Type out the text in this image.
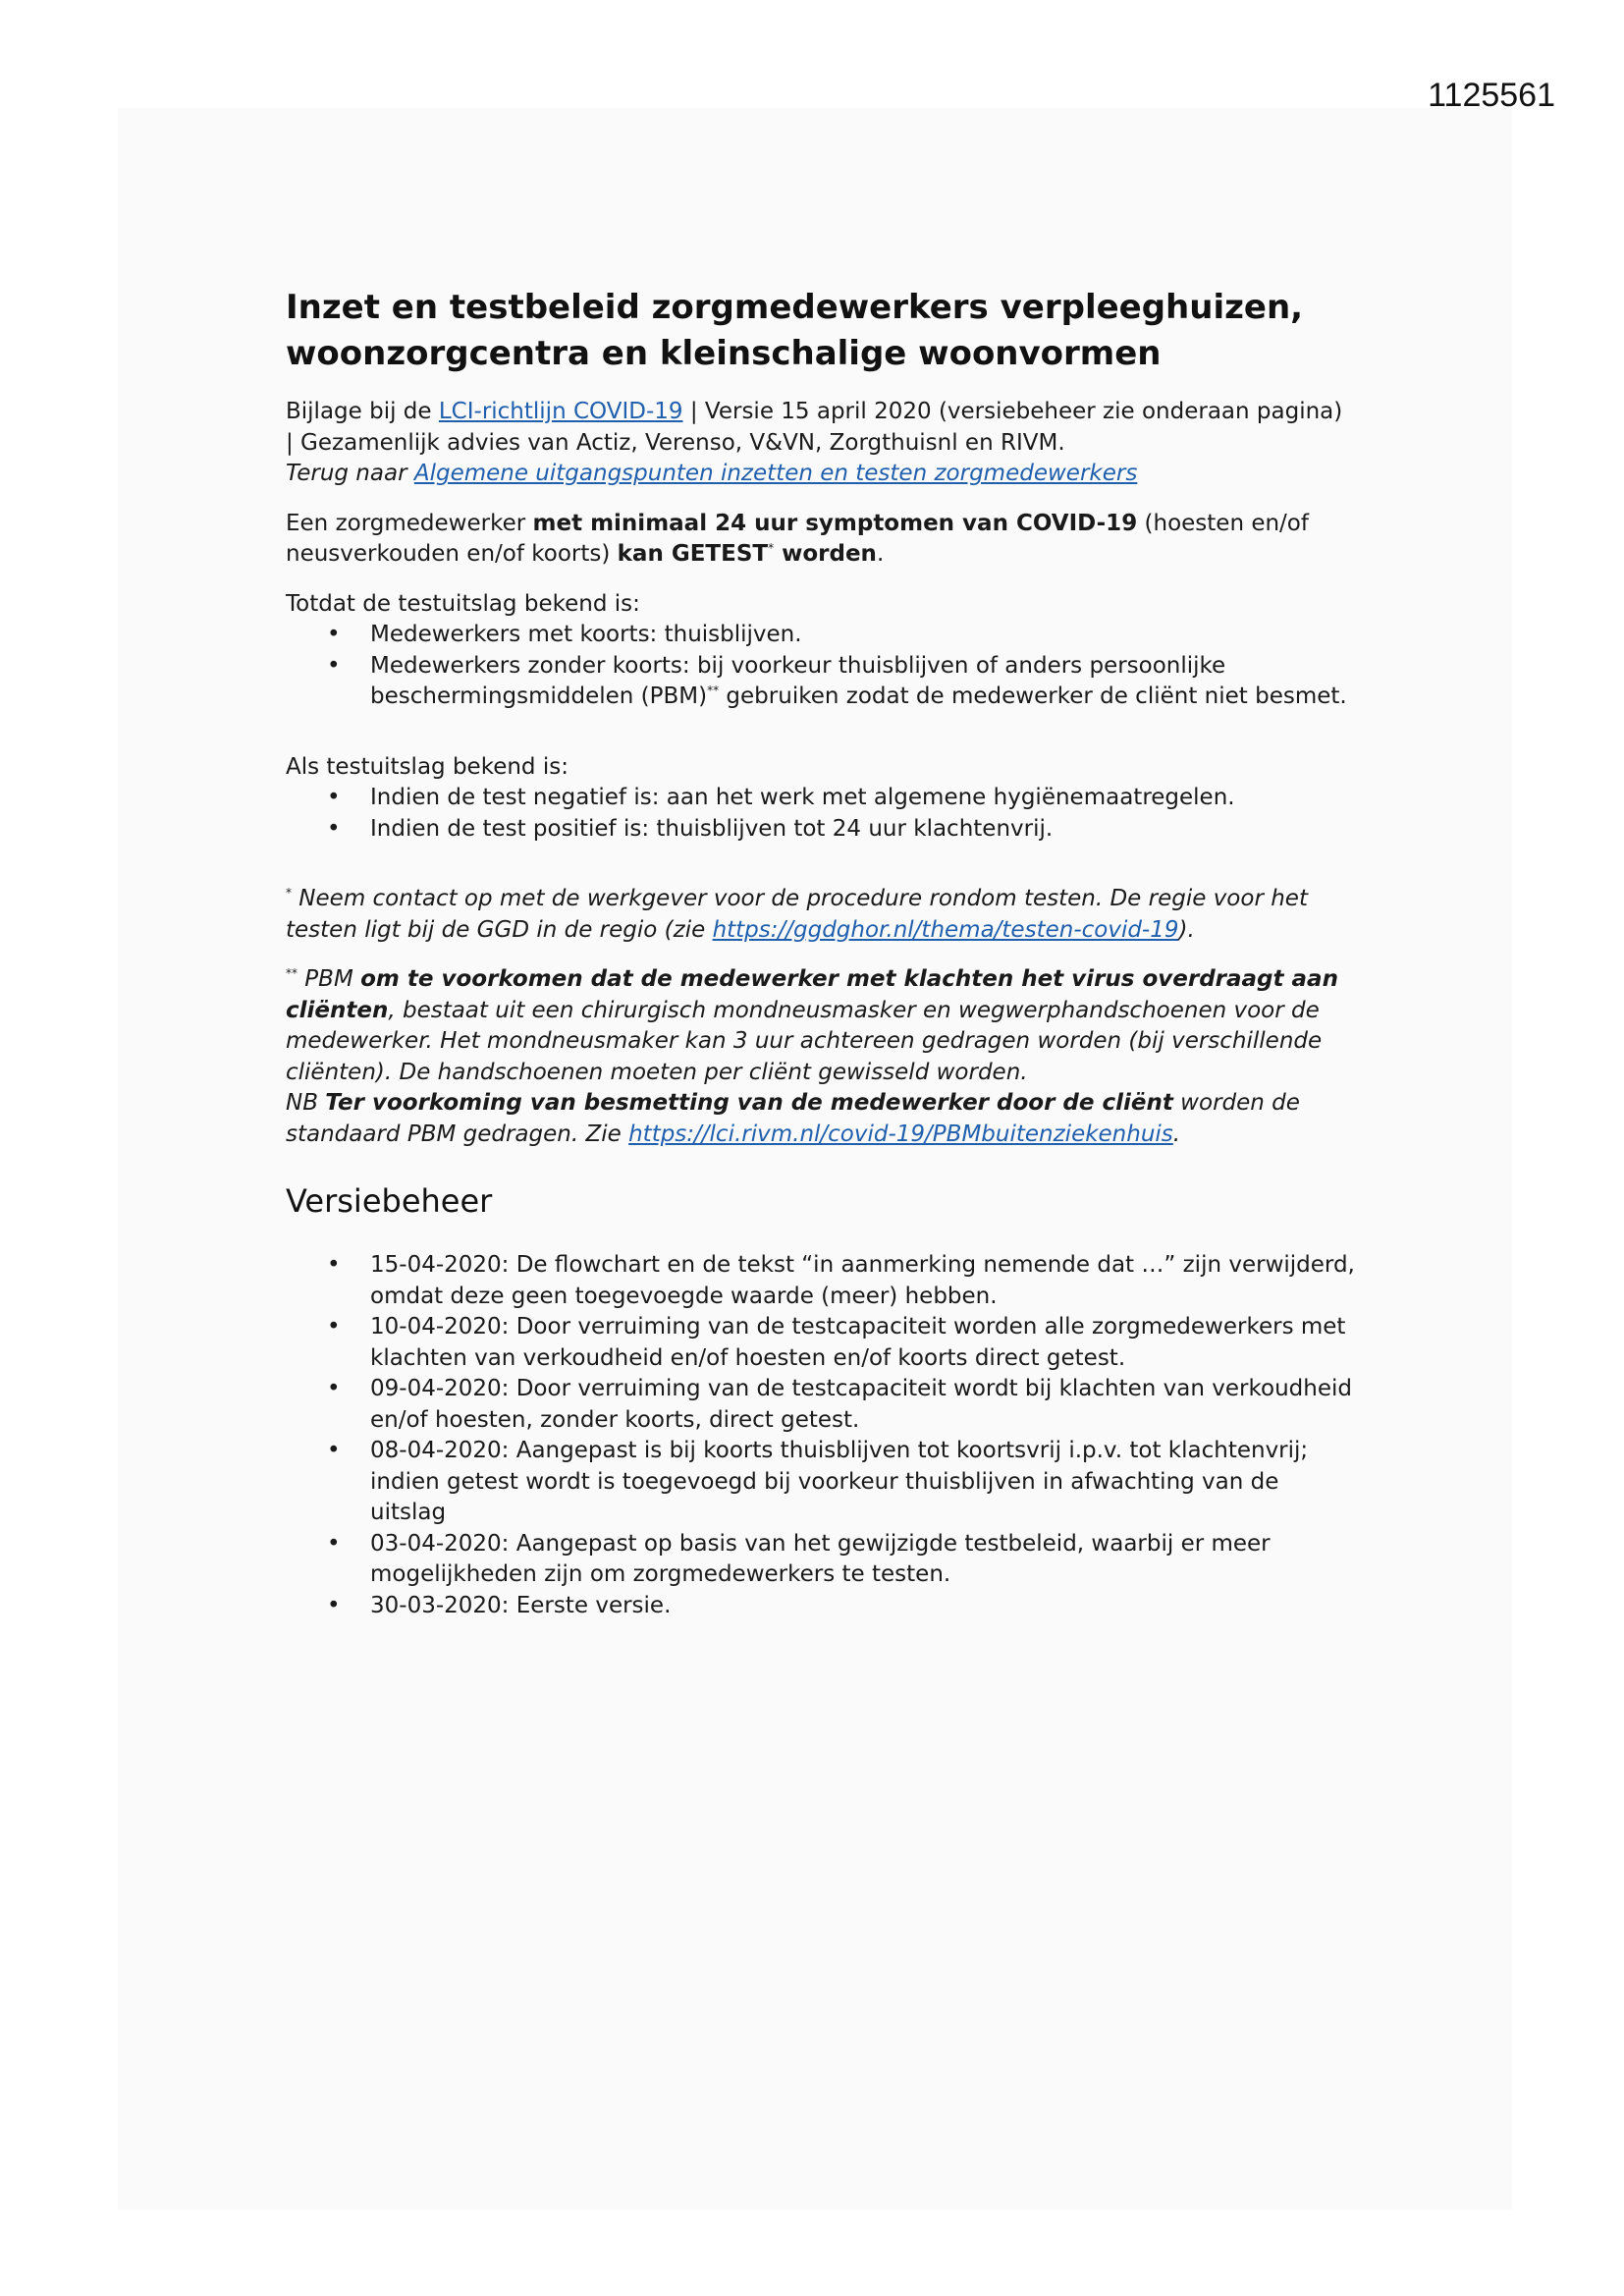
1125561
Inzet en testbeleid zorgmedewerkers verpleeghuizen, woonzorgcentra en kleinschalige woonvormen

Bijlage bij de LCI-richtlijn COVID-19 | Versie 15 april 2020 (versiebeheer zie onderaan pagina) | Gezamenlijk advies van Actiz, Verenso, V&VN, Zorgthuisnl en RIVM.

Terug naar Algemene uitgangspunten inzetten en testen zorgmedewerkers

Een zorgmedewerker met minimaal 24 uur symptomen van COVID-19 (hoesten en/of neusverkouden en/of koorts) kan GETEST* worden.

Totdat de testuitslag bekend is:

• Medewerkers met koorts: thuisblijven.
• Medewerkers zonder koorts: bij voorkeur thuisblijven of anders persoonlijke beschermingsmiddelen (PBM)** gebruiken zodat de medewerker de cliënt niet besmet.

Als testuitslag bekend is:

• Indien de test negatief is: aan het werk met algemene hygiënemaatregelen.
• Indien de test positief is: thuisblijven tot 24 uur klachtenvrij.

* Neem contact op met de werkgever voor de procedure rondom testen. De regie voor het testen ligt bij de GGD in de regio (zie https://ggdghor.nl/thema/testen-covid-19).

** PBM om te voorkomen dat de medewerker met klachten het virus overdraagt aan cliënten, bestaat uit een chirurgisch mondneusmasker en wegwerphandschoenen voor de medewerker. Het mondneusmaker kan 3 uur achtereen gedragen worden (bij verschillende cliënten). De handschoenen moeten per cliënt gewisseld worden.

NB Ter voorkoming van besmetting van de medewerker door de cliënt worden de standaard PBM gedragen. Zie https://lci.rivm.nl/covid-19/PBMbuitenziekenhuis.

Versiebeheer
• 15-04-2020: De flowchart en de tekst “in aanmerking nemende dat …” zijn verwijderd, omdat deze geen toegevoegde waarde (meer) hebben.
• 10-04-2020: Door verruiming van de testcapaciteit worden alle zorgmedewerkers met klachten van verkoudheid en/of hoesten en/of koorts direct getest.
• 09-04-2020: Door verruiming van de testcapaciteit wordt bij klachten van verkoudheid en/of hoesten, zonder koorts, direct getest.
• 08-04-2020: Aangepast is bij koorts thuisblijven tot koortsvrij i.p.v. tot klachtenvrij; indien getest wordt is toegevoegd bij voorkeur thuisblijven in afwachting van de uitslag
• 03-04-2020: Aangepast op basis van het gewijzigde testbeleid, waarbij er meer mogelijkheden zijn om zorgmedewerkers te testen.
• 30-03-2020: Eerste versie.
